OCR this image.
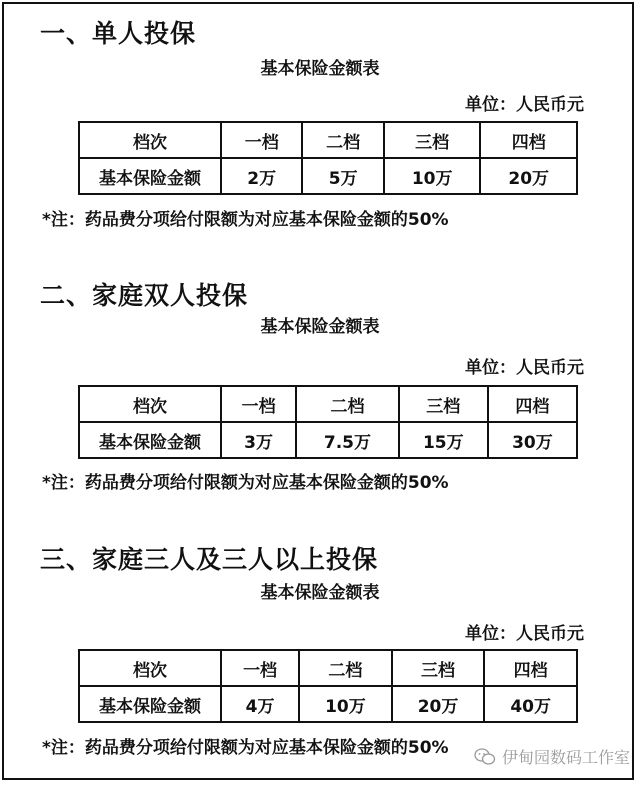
一、单人投保
基本保险金额表
单位：人民币元
档次	一档	二档	三档	四档
基本保险金额	2万	5万	10万	20万
*注：药品费分项给付限额为对应基本保险金额的50%
二、家庭双人投保
基本保险金额表
单位：人民币元
档次	一档	二档	三档	四档
基本保险金额	3万	7.5万	15万	30万
*注：药品费分项给付限额为对应基本保险金额的50%
三、家庭三人及三人以上投保
基本保险金额表
单位：人民币元
档次	一档	二档	三档	四档
基本保险金额	4万	10万	20万	40万
*注：药品费分项给付限额为对应基本保险金额的50%	伊甸园数码工作室
